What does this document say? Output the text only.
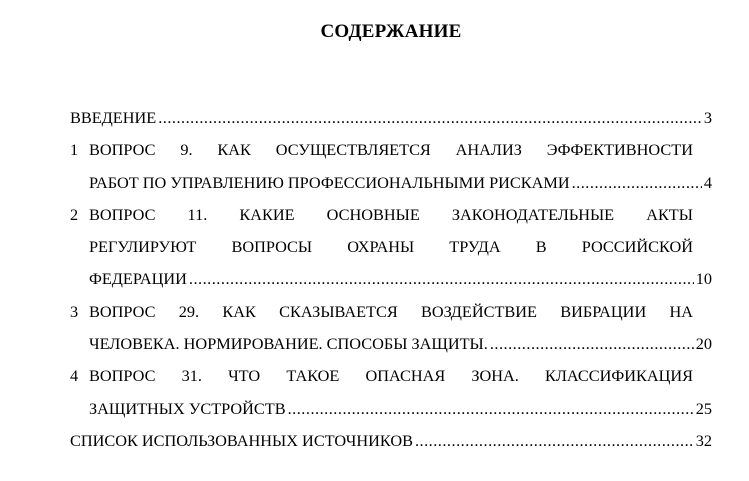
СОДЕРЖАНИЕ
ВВЕДЕНИЕ .....	3
1 ВОПРОС 9. КАК ОСУЩЕСТВЛЯЕТСЯ АНАЛИЗ ЭФФЕКТИВНОСТИ
РАБОТ ПО УПРАВЛЕНИЮ ПРОФЕССИОНАЛЬНЫМИ РИСКАМИ .....	4
2 ВОПРОС 11. КАКИЕ ОСНОВНЫЕ ЗАКОНОДАТЕЛЬНЫЕ АКТЫ
РЕГУЛИРУЮТ ВОПРОСЫ ОХРАНЫ ТРУДА В РОССИЙСКОЙ
ФЕДЕРАЦИИ .....	10
3 ВОПРОС 29. КАК СКАЗЫВАЕТСЯ ВОЗДЕЙСТВИЕ ВИБРАЦИИ НА
ЧЕЛОВЕКА. НОРМИРОВАНИЕ. СПОСОБЫ ЗАЩИТЫ. .....	20
4 ВОПРОС 31. ЧТО ТАКОЕ ОПАСНАЯ ЗОНА. КЛАССИФИКАЦИЯ
ЗАЩИТНЫХ УСТРОЙСТВ .....	25
СПИСОК ИСПОЛЬЗОВАННЫХ ИСТОЧНИКОВ .....	32
